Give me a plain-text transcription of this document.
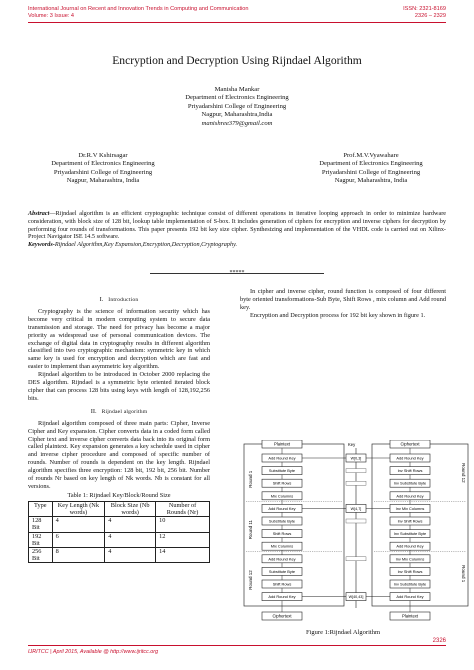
International Journal on Recent and Innovation Trends in Computing and Communication
Volume: 3 Issue: 4
ISSN: 2321-8169
2326 – 2329
Encryption and Decryption Using Rijndael Algorithm
Manisha Mankar
Department of Electronics Engineering
Priyadarshini College of Engineering
Nagpur, Maharashtra,India
manishree379@gmail.com
Dr.R.V Kshirsagar
Department of Electronics Engineering
Priyadarshini College of Engineering
Nagpur, Maharashtra, India
Prof.M.V.Vyawahare
Department of Electronics Engineering
Priyadarshini College of Engineering
Nagpur, Maharashtra, India
Abstract—Rijndael algorithm is an efficient cryptographic technique consist of different operations in iterative looping approach in order to minimize hardware consideration, with block size of 128 bit, lookup table implementation of S-box. It includes generation of ciphers for encryption and inverse ciphers for decryption by performing four rounds of transformations. This paper presents 192 bit key size cipher. Synthesizing and implementation of the VHDL code is carried out on Xilinx-Project Navigator ISE 14.5 software.
Keywords-Rijndael Algorithm,Key Expansion,Encryption,Decryption,Cryptography.
*****
I. Introduction

Cryptography is the science of information security which has become very critical in modern computing system to secure data transmission and storage. The need for privacy has become a major priority as widespread use of personal communication devices. The exchange of digital data in cryptography results in different algorithm classified into two cryptographic mechanism: symmetric key in which same key is used for encryption and decryption which are fast and easier to implement than asymmetric key algorithm.

Rijndael algorithm to be introduced in October 2000 replacing the DES algorithm. Rijndael is a symmetric byte oriented iterated block cipher that can process 128 bits using keys with length of 128,192,256 bits.

II. Rijndael algorithm

Rijndael algorithm composed of three main parts: Cipher, Inverse Cipher and Key expansion. Cipher converts data in a coded form called Cipher text and inverse cipher converts data back into its original form called plaintext. Key expansion generates a key schedule used in cipher and inverse cipher procedure and composed of specific number of rounds. Number of rounds is dependent on the key length. Rijndael algorithm specifies three encryption: 128 bit, 192 bit, 256 bit. Number of rounds Nr based on key length of Nk words. Nb is constant for all versions.

Table 1: Rijndael Key/Block/Round Size
Type	Key Length (Nk words)	Block Size (Nb words)	Number of Rounds (Nr)
128 Bit	4	4	10
192 Bit	6	4	12
256 Bit	8	4	14

In cipher and inverse cipher, round function is composed of four different byte oriented transformations-Sub Byte, Shift Rows , mix column and Add round key.

Encryption and Decryption process for 192 bit key shown in figure 1.

Plaintext
Ciphertext
Ciphertext
Plaintext
Add Round Key
Substitute Byte
Shift Rows
Mix Columns
Add Round Key
Substitute Byte
Shift Rows
Mix Columns
Add Round Key
Substitute Byte
Shift Rows
Add Round Key
Add Round Key
Inv Shift Rows
Inv Substitute Byte
Add Round Key
Inv Mix Columns
Inv Shift Rows
Inv Substitute Byte
Add Round Key
Inv Mix Columns
Inv Shift Rows
Inv Substitute Byte
Add Round Key
Key
W[0,3]
W[4,7]
W[40,43]
Round 1
Round 11
Round 12
Round 12
Round 1
Figure 1:Rijndael Algorithm
2326
IJRITCC | April 2015, Available @ http://www.ijritcc.org
